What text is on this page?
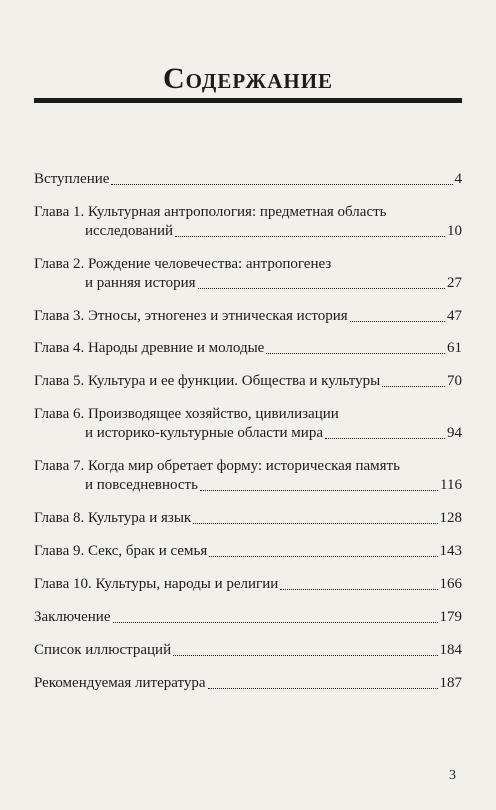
Содержание
Вступление	4
Глава 1. Культурная антропология: предметная область
исследований	10
Глава 2. Рождение человечества: антропогенез
и ранняя история	27
Глава 3. Этносы, этногенез и этническая история	47
Глава 4. Народы древние и молодые	61
Глава 5. Культура и ее функции. Общества и культуры	70
Глава 6. Производящее хозяйство, цивилизации
и историко-культурные области мира	94
Глава 7. Когда мир обретает форму: историческая память
и повседневность	116
Глава 8. Культура и язык	128
Глава 9. Секс, брак и семья	143
Глава 10. Культуры, народы и религии	166
Заключение	179
Список иллюстраций	184
Рекомендуемая литература	187
3
